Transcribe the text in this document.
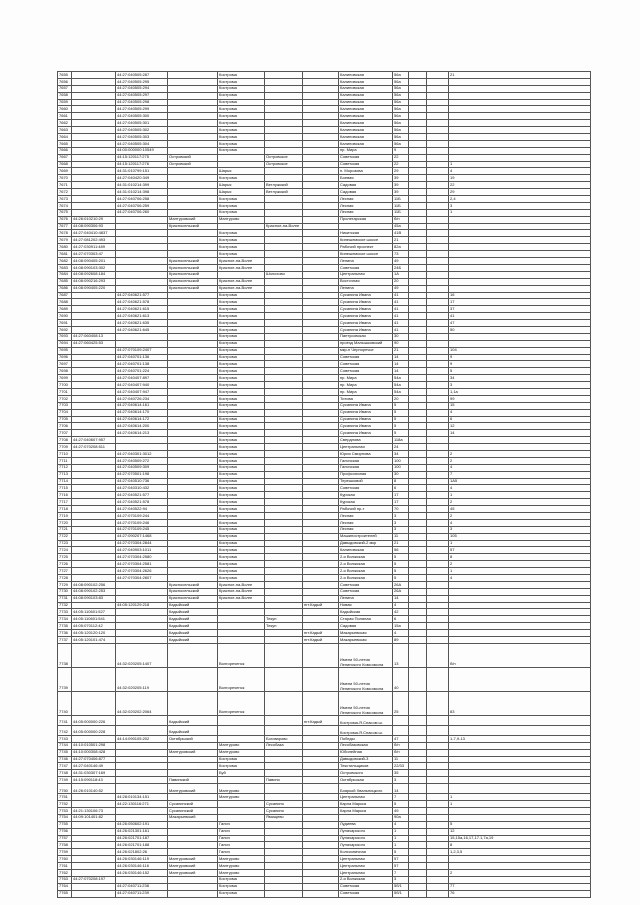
7655		44:27:040505:287		Кострома			Калиновская	56а			21
7656		44:27:040505:295		Кострома			Калиновская	56а			
7657		44:27:040505:294		Кострома			Калиновская	56а			
7658		44:27:040505:297		Кострома			Калиновская	56а			
7659		44:27:040505:298		Кострома			Калиновская	56а			
7660		44:27:040505:299		Кострома			Калиновская	56а			
7661		44:27:040505:300		Кострома			Калиновская	56а			
7662		44:27:040505:301		Кострома			Калиновская	56а			
7663		44:27:040505:302		Кострома			Калиновская	56а			
7664		44:27:040505:303		Кострома			Калиновская	56а			
7665		44:27:040505:304		Кострома			Калиновская	56а			
7666		44:00:000000:10549		Кострома			пр. Мира	9			
7667		44:15:120117:275	Островский		Островское		Советская	22			
7668		44:15:120117:276	Островский		Островское		Советская	22			1
7669		44:31:010799:151		Шарья			п. Морозова	29			4
7670		44:27:040420:349		Кострома			Боевая	39			19
7671		44:31:010214:399		Шарья	Ветлужский		Садовая	39			22
7672		44:31:010214:398		Шарья	Ветлужский		Садовая	39			29
7673		44:27:040706:258		Кострома			Лесная	11Б			2,4
7674		44:27:040706:259		Кострома			Лесная	11Б			3
7675		44:27:040706:260		Кострома			Лесная	11Б			1
7676	44:26:010210:29		Мантуровский	Мантурово			Пролетарская	б/н			
7677	44:08:090306:93		Красносельский		Красное-на-Волге			45а			
7678	44:27:040410:4837			Кострома			Никитская	41В			
7679	44:27:081202:493			Кострома			Кинешемское шоссе	21			
7680	44:27:030911:489			Кострома			Рабочий проспект	82а			
7681	44:27:070303:47			Кострома			Кинешемское шоссе	73			
7682	44:08:090405:201		Красносельский	Красное-на-Волге			Ленина	49			
7683	44:08:090103:302		Красносельский	Красное-на-Волге			Советская	24Б			
7684	44:08:092608:184		Красносельский		Шолохово		Центральная	1А			
7685	44:08:090216:293		Красносельский	Красное-на-Волге			Восточная	20			
7686	44:08:090405:220		Красносельский	Красное-на-Волге			Ленина	49			
7687		44:27:040621:577		Кострома			Сусанина Ивана	41			16
7688		44:27:040621:578		Кострома			Сусанина Ивана	41			17
7689		44:27:040621:615		Кострома			Сусанина Ивана	41			37
7690		44:27:040621:613		Кострома			Сусанина Ивана	41			41
7691		44:27:040621:635		Кострома			Сусанина Ивана	41			47
7692		44:27:040621:645		Кострома			Сусанина Ивана	41			50
7693	44:27:060408:13			Кострома			Пантусовская	30			
7694	44:27:060425:53			Кострома			проезд Малышковский	90			
7695		44:27:070109:2407		Кострома			мкр-н Черноречье	21			104
7696		44:27:040701:136		Кострома			Советская	14			9
7697		44:27:040701:138		Кострома			Советская	14			9
7698		44:27:040701:224		Кострома			Советская	14			5
7699		44:27:040407:897		Кострома			пр. Мира	54а			34
7700		44:27:040407:940		Кострома			пр. Мира	54а			3
7701		44:27:040407:947		Кострома			пр. Мира	54а			1,1а
7702		44:27:040726:234		Кострома			Титова	20			99
7703		44:27:040614:161		Кострома			Сусанина Ивана	5			15
7704		44:27:040614:170		Кострома			Сусанина Ивана	5			4
7705		44:27:040614:172		Кострома			Сусанина Ивана	5			6
7706		44:27:040614:200		Кострома			Сусанина Ивана	5			12
7707		44:27:040614:213		Кострома			Сусанина Ивана	5			14
7708	44:27:040607:957			Кострома			Свердлова	118а			
7709	44:27:070208:511			Кострома			Центральная	24			
7710		44:27:040301:3012		Кострома			Юрия Смирнова	34			2
7711		44:27:040509:272		Кострома			Галичская	100			2
7712		44:27:040509:309		Кострома			Галичская	100			4
7713		44:27:070501:198		Кострома			Профсоюзная	30			7
7714		44:27:040510:736		Кострома			Терешковой	8			1А5
7715		44:27:040310:432		Кострома			Советская	6			4
7716		44:27:040521:577		Кострома			Курская	17			1
7717		44:27:040521:578		Кострома			Курская	17			2
7718		44:27:040522:94		Кострома			Рабочий пр-т	70			45
7719		44:27:070109:244		Кострома			Лесная	3			2
7720		44:27:070109:246		Кострома			Лесная	3			4
7721		44:27:070109:245		Кострома			Лесная	3			3
7722		44:27:090207:1468		Кострома			Машиностроителей	11			105
7723		44:27:070304:2844		Кострома			Давыдовский-2 мкр	21			1
7724		44:27:040903:1011		Кострома			Калиновская	56			57
7725		44:27:070304:2580		Кострома			2-я Волжская	5			8
7726		44:27:070304:2581		Кострома			2-я Волжская	5			2
7727		44:27:070304:2626		Кострома			2-я Волжская	5			1
7728		44:27:070304:2807		Кострома			2-я Волжская	5			4
7729	44:08:090102:256		Красносельский	Красное-на-Волге			Советская	26А			
7730	44:08:090102:253		Красносельский	Красное-на-Волге			Советская	26А			
7731	44:08:090103:83		Красносельский	Красное-на-Волге			Ленина	14			
7732		44:05:120129:218	Кадыйский			пгт.Кадый	Новая	4			
7733	44:05:110601:527		Кадыйский				Кадыйская	42			
7734	44:05:110601:541		Кадыйский		Текун		Старая Поляная	6			
7735	44:05:070112:42		Кадыйский		Текун		Садовая	15а			
7736	44:05:120120:120		Кадыйский			пгт.Кадый	Макарьевская	4			
7737	44:05:120101:474		Кадыйский			пгт.Кадый	Макарьевская	89			
7738		44:32:020205:1407		Волгореченск			Имени 50-летия Ленинского Комсомола	13			б/н
7739		44:32:020205:119		Волгореченск			Имени 50-летия Ленинского Комсомола	40			
7740		44:32:020202:2064		Волгореченск			Имени 50-летия Ленинского Комсомола	25			83
7741	44:05:000000:226		Кадыйский			пгт.Кадый	Кострома-Я.Спасом ш.				
7742	44:05:000000:228		Кадыйский				Кострома-Я.Спасом ш.				
7743		44:14:090105:202	Октябрьский		Боговарово		Победы	47			1-7,9-13
7744	44:10:010501:298			Мантурово	Лесобаза		Лесобазовская	б/н			
7745	44:10:000308:428		Мантуровский	Мантурово			Юбилейная	б/н			
7746	44:27:070406:877			Кострома			Давыдовский-3	11			
7747	44:27:040146:49			Кострома			Текстильщиков	22/33			
7748	44:31:030307:169			Буй			Островского	35			
7749	44:15:090118:43		Павинский		Павино		Октябрьская	3			
7750	44:26:010140:52		Мантуровский	Мантурово			Бояркой Хвальницкого	14			
7751		44:28:010134:151		Мантурово			Центральная	7			1
7752		44:22:130116:271	Сусанинский		Сусанино		Карла Маркса	5			1
7753	44:21:130106:73		Сусанинский		Сусанино		Карла Маркса	49			
7754	44:09:101401:82		Макарьевский		Ямищево			90а			
7755		44:26:050602:191		Галич			Лудиева	4			5
7756		44:26:021301:161		Галич			Луначарского	1			12
7757		44:26:021701:187		Галич			Луначарского	1			15,15а,16,17,17.1,7а,19
7758		44:26:021701:188		Галич			Луначарского	1			8
7759		44:26:021802:26		Галич			Колхозничная	5			1,2,3,5
7760		44:26:030146:119	Мантуровский	Мантурово			Центральная	57			
7761		44:26:030146:116	Мантуровский	Мантурово			Центральная	57			
7762		44:26:030146:152	Мантуровский	Мантурово			Центральная	7			2
7763	44:27:070208:197			Кострома			2-я Волжская	3			
7764		44:27:040711:238		Кострома			Советская	5б/1			77
7765		44:27:040711:239		Кострома			Советская	5б/1			76
